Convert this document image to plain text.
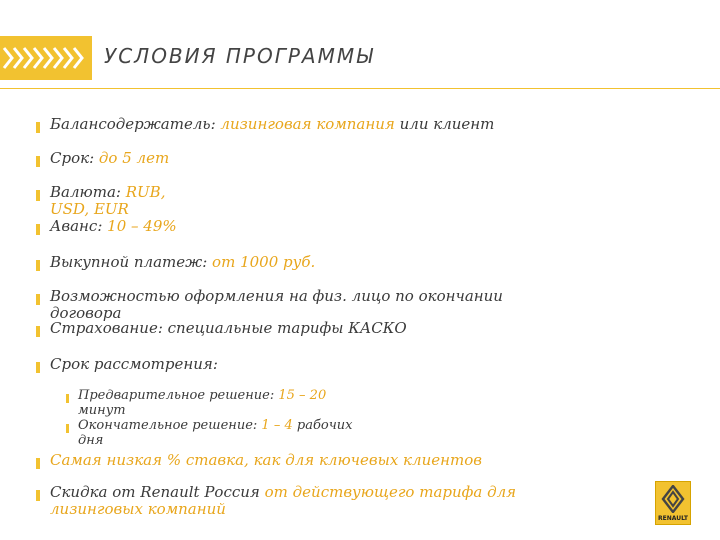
УСЛОВИЯ ПРОГРАММЫ
Балансодержатель: лизинговая компания или клиент
Срок: до 5 лет
Валюта: RUB,
USD, EUR
Аванс: 10 – 49%
Выкупной платеж: от 1000 руб.
Возможностью оформления на физ. лицо по окончании
договора
Страхование: специальные тарифы КАСКО
Срок рассмотрения:
Предварительное решение: 15 – 20
минут
Окончательное решение: 1 – 4 рабочих
дня
Самая низкая % ставка, как для ключевых клиентов
Скидка от Renault Россия от действующего тарифа для
лизинговых компаний
RENAULT
